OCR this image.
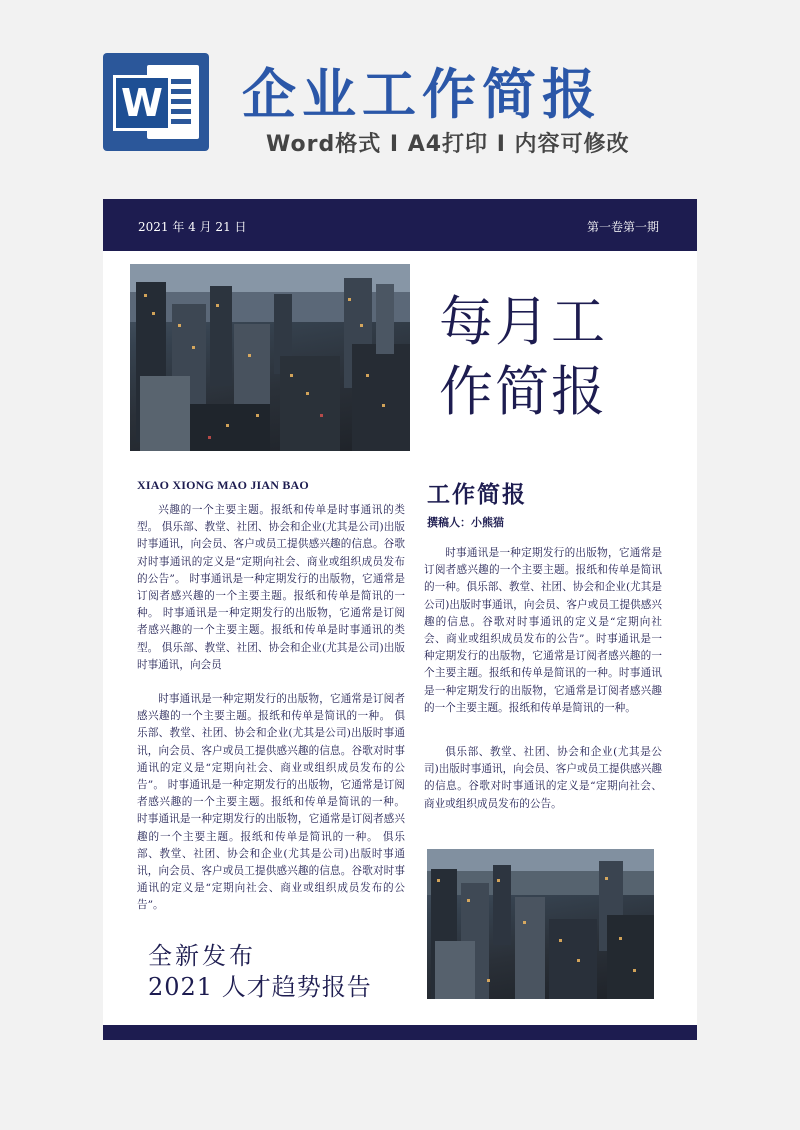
W 企业工作简报
Word格式 I A4打印 I 内容可修改
2021 年 4 月 21 日	第一卷第一期
每月工
作简报
XIAO XIONG MAO JIAN BAO

兴趣的一个主要主题。报纸和传单是时事通讯的类型。 俱乐部、教堂、社团、协会和企业(尤其是公司)出版时事通讯，向会员、客户或员工提供感兴趣的信息。谷歌对时事通讯的定义是“定期向社会、商业或组织成员发布的公告”。 时事通讯是一种定期发行的出版物，它通常是订阅者感兴趣的一个主要主题。报纸和传单是简讯的一种。 时事通讯是一种定期发行的出版物，它通常是订阅者感兴趣的一个主要主题。报纸和传单是时事通讯的类型。 俱乐部、教堂、社团、协会和企业(尤其是公司)出版时事通讯，向会员

时事通讯是一种定期发行的出版物，它通常是订阅者感兴趣的一个主要主题。报纸和传单是简讯的一种。 俱乐部、教堂、社团、协会和企业(尤其是公司)出版时事通讯，向会员、客户或员工提供感兴趣的信息。谷歌对时事通讯的定义是“定期向社会、商业或组织成员发布的公告”。 时事通讯是一种定期发行的出版物，它通常是订阅者感兴趣的一个主要主题。报纸和传单是简讯的一种。 时事通讯是一种定期发行的出版物，它通常是订阅者感兴趣的一个主要主题。报纸和传单是简讯的一种。 俱乐部、教堂、社团、协会和企业(尤其是公司)出版时事通讯，向会员、客户或员工提供感兴趣的信息。谷歌对时事通讯的定义是“定期向社会、商业或组织成员发布的公告”。

工作简报
撰稿人：小熊猫

时事通讯是一种定期发行的出版物，它通常是订阅者感兴趣的一个主要主题。报纸和传单是简讯的一种。俱乐部、教堂、社团、协会和企业(尤其是公司)出版时事通讯，向会员、客户或员工提供感兴趣的信息。谷歌对时事通讯的定义是“定期向社会、商业或组织成员发布的公告”。时事通讯是一种定期发行的出版物，它通常是订阅者感兴趣的一个主要主题。报纸和传单是简讯的一种。时事通讯是一种定期发行的出版物，它通常是订阅者感兴趣的一个主要主题。报纸和传单是简讯的一种。

俱乐部、教堂、社团、协会和企业(尤其是公司)出版时事通讯，向会员、客户或员工提供感兴趣的信息。谷歌对时事通讯的定义是“定期向社会、商业或组织成员发布的公告。

全新发布
2021 人才趋势报告
